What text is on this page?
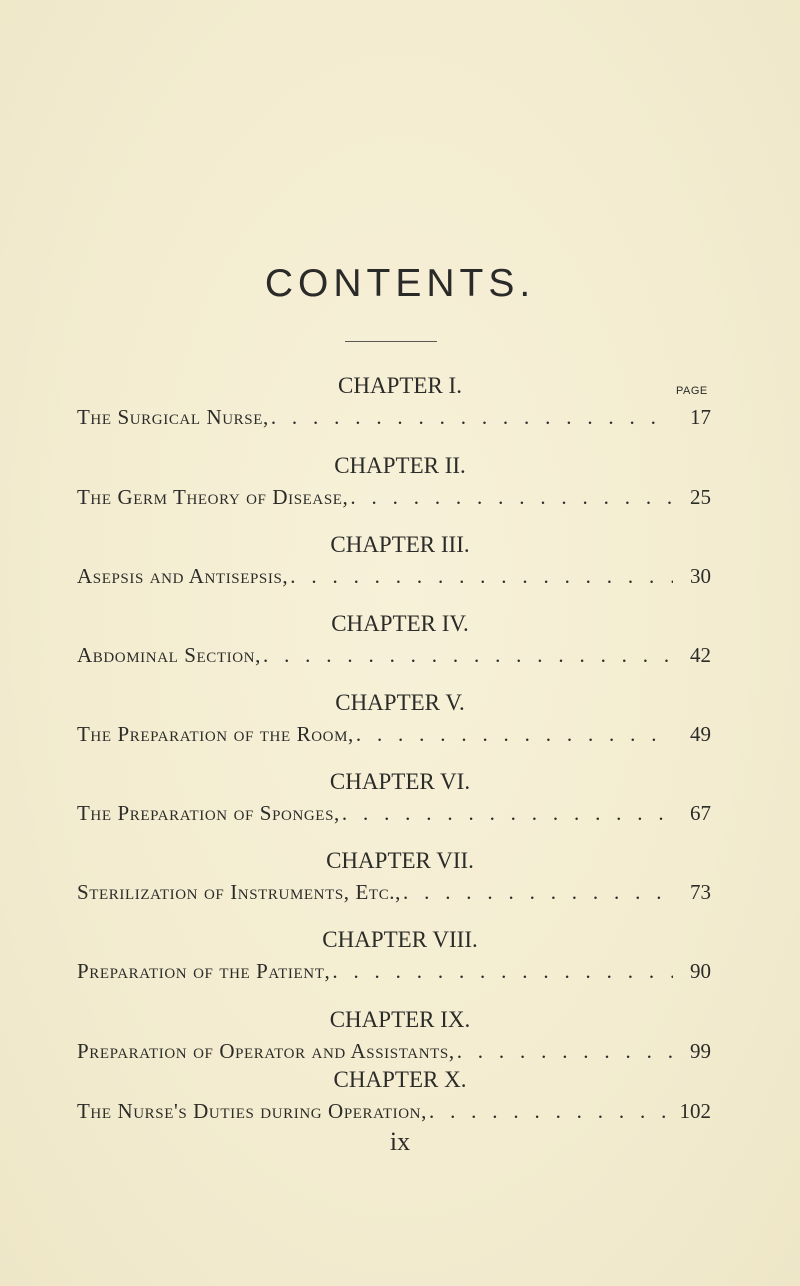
CONTENTS.
PAGE
CHAPTER I.
The Surgical Nurse, . . .	17
CHAPTER II.
The Germ Theory of Disease, . . .	25
CHAPTER III.
Asepsis and Antisepsis, . . .	30
CHAPTER IV.
Abdominal Section, . . .	42
CHAPTER V.
The Preparation of the Room, . . .	49
CHAPTER VI.
The Preparation of Sponges, . . .	67
CHAPTER VII.
Sterilization of Instruments, Etc., . . .	73
CHAPTER VIII.
Preparation of the Patient, . . .	90
CHAPTER IX.
Preparation of Operator and Assistants, . . .	99
CHAPTER X.
The Nurse's Duties during Operation, . . .	102
ix
